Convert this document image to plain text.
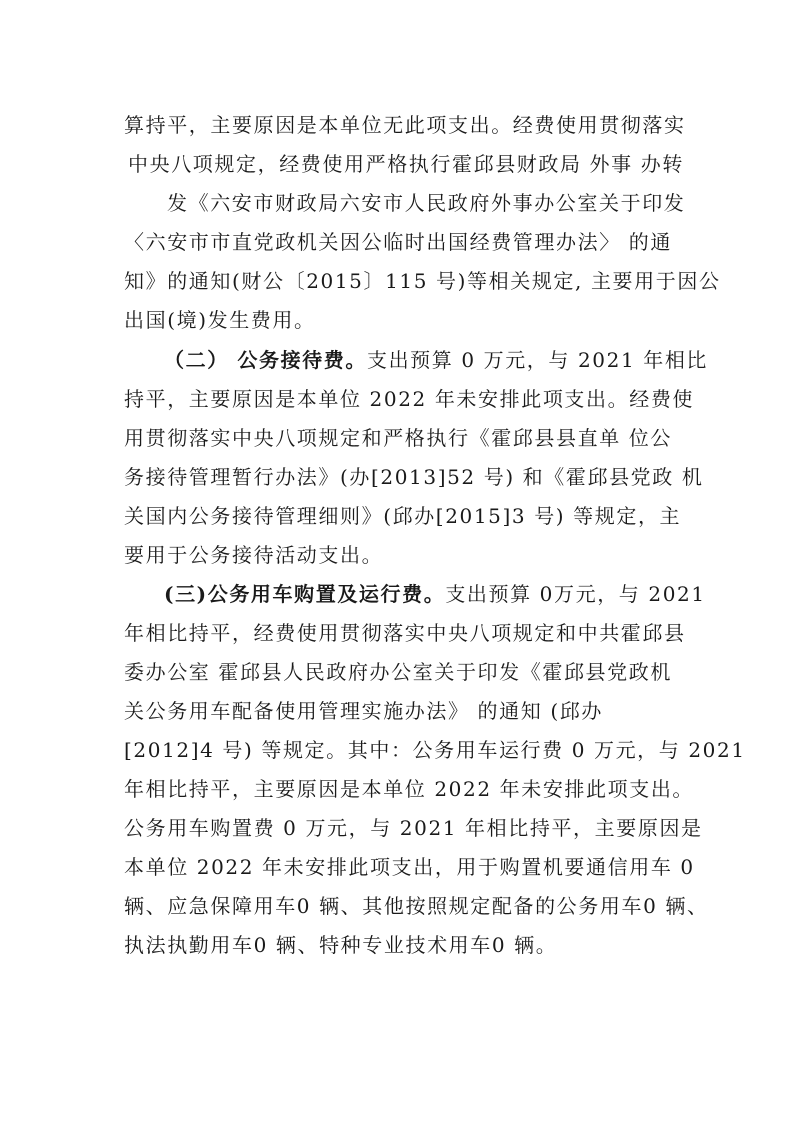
算持平，主要原因是本单位无此项支出。经费使用贯彻落实
中央八项规定，经费使用严格执行霍邱县财政局 外事 办转
发《六安市财政局六安市人民政府外事办公室关于印发
〈六安市市直党政机关因公临时出国经费管理办法〉 的通
知》的通知(财公〔2015〕115 号)等相关规定, 主要用于因公
出国(境)发生费用。
（二） 公务接待费。支出预算 0 万元，与 2021 年相比
持平，主要原因是本单位 2022 年未安排此项支出。经费使
用贯彻落实中央八项规定和严格执行《霍邱县县直单 位公
务接待管理暂行办法》(办[2013]52 号) 和《霍邱县党政 机
关国内公务接待管理细则》(邱办[2015]3 号) 等规定，主
要用于公务接待活动支出。
(三)公务用车购置及运行费。支出预算 0万元，与 2021
年相比持平，经费使用贯彻落实中央八项规定和中共霍邱县
委办公室 霍邱县人民政府办公室关于印发《霍邱县党政机
关公务用车配备使用管理实施办法》 的通知 (邱办
[2012]4 号) 等规定。其中：公务用车运行费 0 万元，与 2021
年相比持平，主要原因是本单位 2022 年未安排此项支出。
公务用车购置费 0 万元，与 2021 年相比持平，主要原因是
本单位 2022 年未安排此项支出，用于购置机要通信用车 0
辆、应急保障用车0 辆、其他按照规定配备的公务用车0 辆、
执法执勤用车0 辆、特种专业技术用车0 辆。
